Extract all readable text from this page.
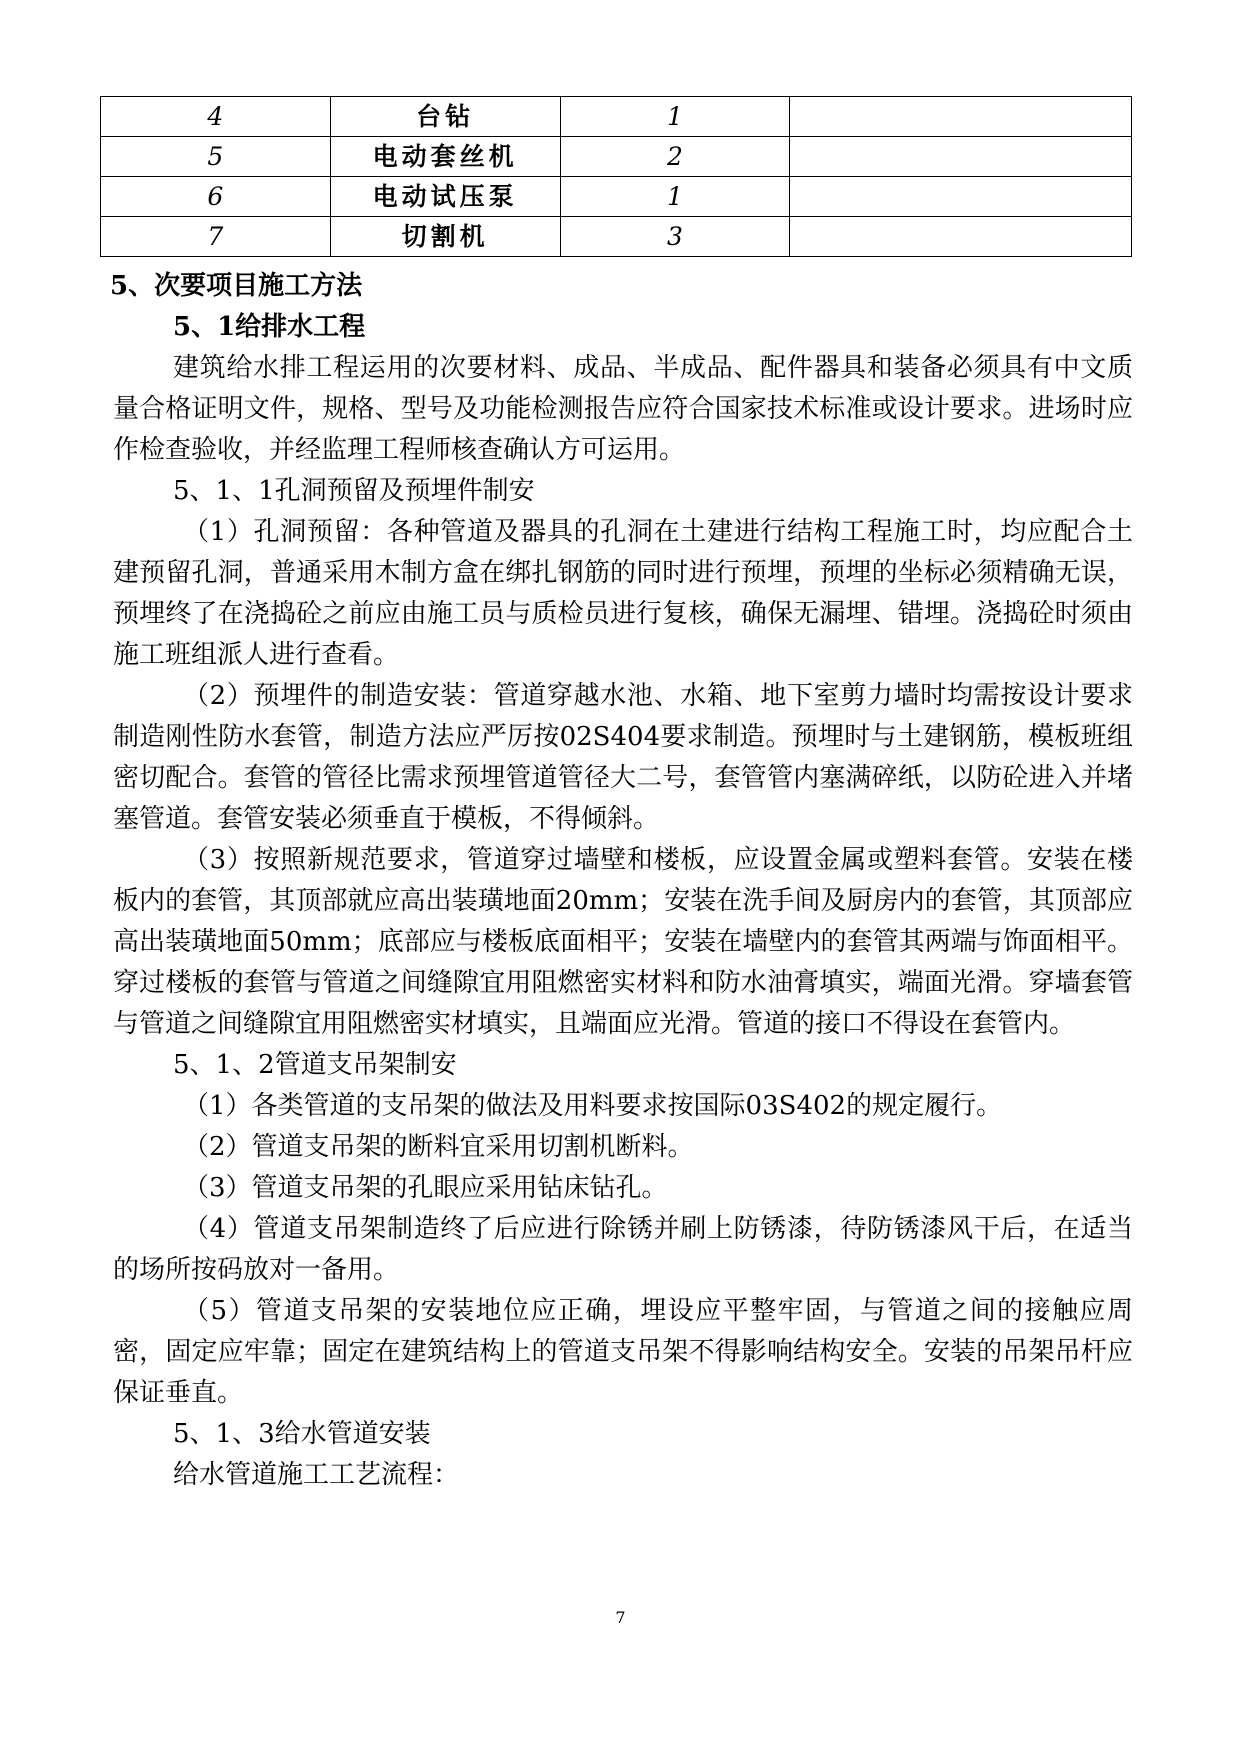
4	台钻	1	
5	电动套丝机	2	
6	电动试压泵	1	
7	切割机	3	

5、次要项目施工方法

5、1给排水工程

建筑给水排工程运用的次要材料、成品、半成品、配件器具和装备必须具有中文质量合格证明文件，规格、型号及功能检测报告应符合国家技术标准或设计要求。进场时应作检查验收，并经监理工程师核查确认方可运用。

5、1、1孔洞预留及预埋件制安

（1）孔洞预留：各种管道及器具的孔洞在土建进行结构工程施工时，均应配合土建预留孔洞，普通采用木制方盒在绑扎钢筋的同时进行预埋，预埋的坐标必须精确无误，预埋终了在浇捣砼之前应由施工员与质检员进行复核，确保无漏埋、错埋。浇捣砼时须由施工班组派人进行查看。

（2）预埋件的制造安装：管道穿越水池、水箱、地下室剪力墙时均需按设计要求制造刚性防水套管，制造方法应严厉按02S404要求制造。预埋时与土建钢筋，模板班组密切配合。套管的管径比需求预埋管道管径大二号，套管管内塞满碎纸，以防砼进入并堵塞管道。套管安装必须垂直于模板，不得倾斜。

（3）按照新规范要求，管道穿过墙壁和楼板，应设置金属或塑料套管。安装在楼板内的套管，其顶部就应高出装璜地面20mm；安装在洗手间及厨房内的套管，其顶部应高出装璜地面50mm；底部应与楼板底面相平；安装在墙壁内的套管其两端与饰面相平。穿过楼板的套管与管道之间缝隙宜用阻燃密实材料和防水油膏填实，端面光滑。穿墙套管与管道之间缝隙宜用阻燃密实材填实，且端面应光滑。管道的接口不得设在套管内。

5、1、2管道支吊架制安

（1）各类管道的支吊架的做法及用料要求按国际03S402的规定履行。

（2）管道支吊架的断料宜采用切割机断料。

（3）管道支吊架的孔眼应采用钻床钻孔。

（4）管道支吊架制造终了后应进行除锈并刷上防锈漆，待防锈漆风干后，在适当的场所按码放对一备用。

（5）管道支吊架的安装地位应正确，埋设应平整牢固，与管道之间的接触应周密，固定应牢靠；固定在建筑结构上的管道支吊架不得影响结构安全。安装的吊架吊杆应保证垂直。

5、1、3给水管道安装

给水管道施工工艺流程：

7
